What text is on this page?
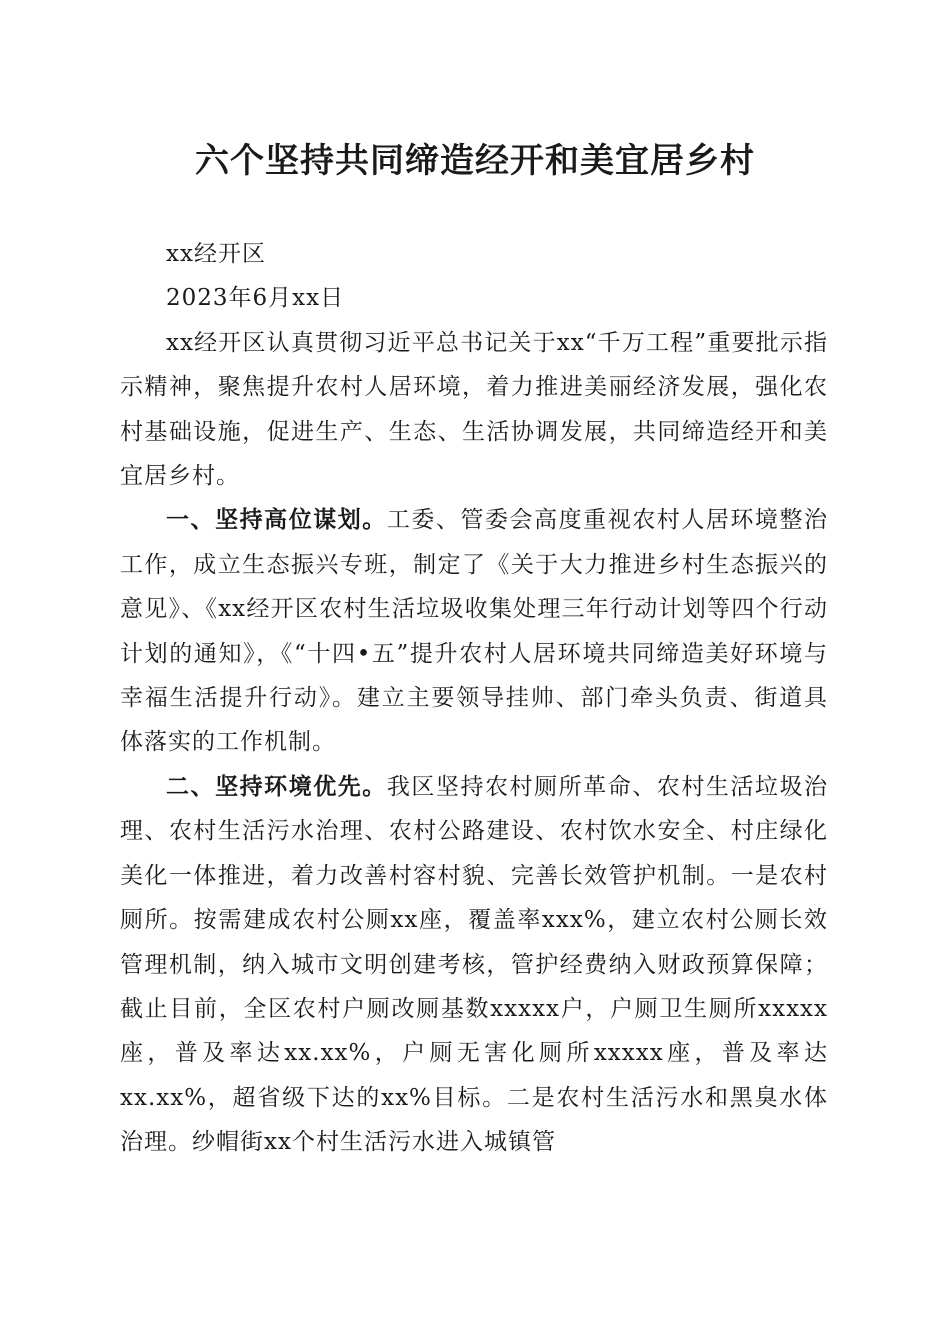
六个坚持共同缔造经开和美宜居乡村

xx经开区

2023年6月xx日

xx经开区认真贯彻习近平总书记关于xx“千万工程”重要批示指示精神，聚焦提升农村人居环境，着力推进美丽经济发展，强化农村基础设施，促进生产、生态、生活协调发展，共同缔造经开和美宜居乡村。

一、坚持高位谋划。工委、管委会高度重视农村人居环境整治工作，成立生态振兴专班，制定了《关于大力推进乡村生态振兴的意见》、《xx经开区农村生活垃圾收集处理三年行动计划等四个行动计划的通知》，《“十四•五”提升农村人居环境共同缔造美好环境与幸福生活提升行动》。建立主要领导挂帅、部门牵头负责、街道具体落实的工作机制。

二、坚持环境优先。我区坚持农村厕所革命、农村生活垃圾治理、农村生活污水治理、农村公路建设、农村饮水安全、村庄绿化美化一体推进，着力改善村容村貌、完善长效管护机制。一是农村厕所。按需建成农村公厕xx座，覆盖率xxx%，建立农村公厕长效管理机制，纳入城市文明创建考核，管护经费纳入财政预算保障；截止目前，全区农村户厕改厕基数xxxxx户，户厕卫生厕所xxxxx座，普及率达xx.xx%，户厕无害化厕所xxxxx座，普及率达xx.xx%，超省级下达的xx%目标。二是农村生活污水和黑臭水体治理。纱帽街xx个村生活污水进入城镇管
